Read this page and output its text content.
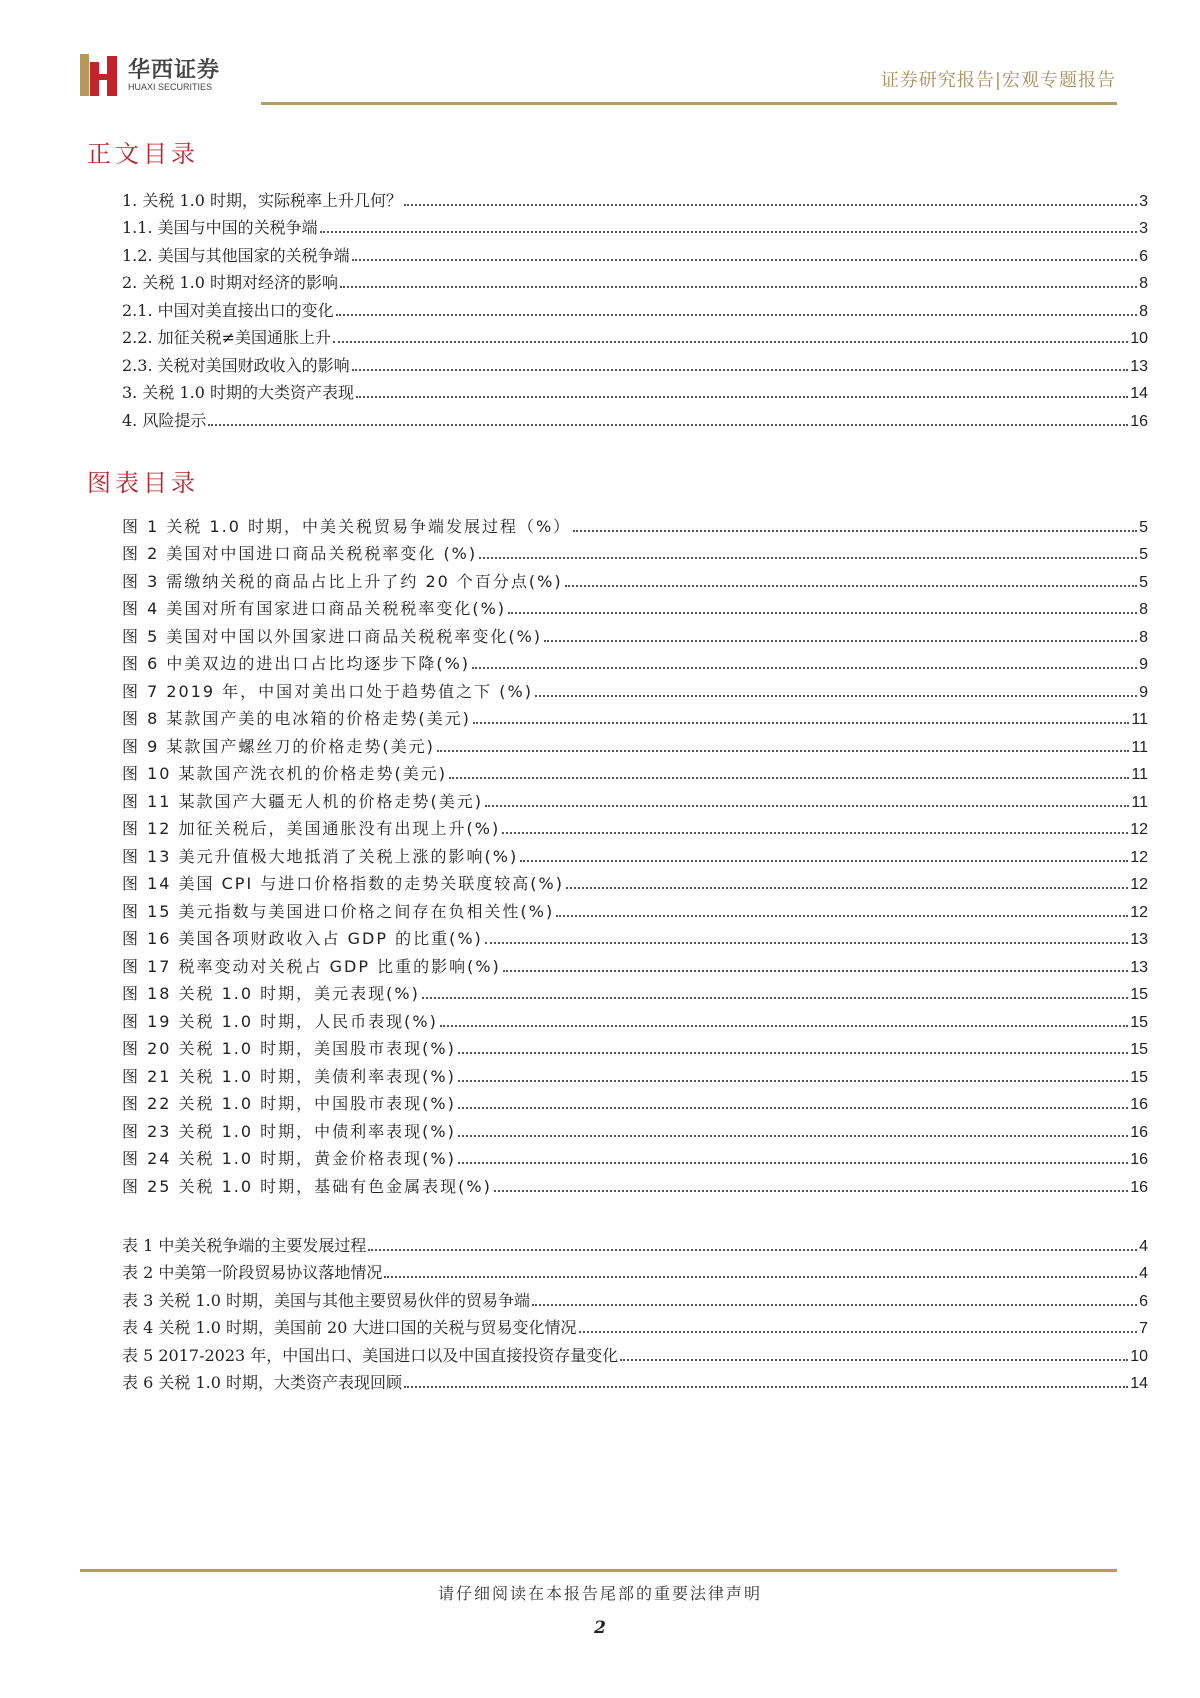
华西证券
HUAXI SECURITIES	证券研究报告|宏观专题报告
正文目录
1. 关税 1.0 时期，实际税率上升几何？	3
1.1. 美国与中国的关税争端	3
1.2. 美国与其他国家的关税争端	6
2. 关税 1.0 时期对经济的影响	8
2.1. 中国对美直接出口的变化	8
2.2. 加征关税≠美国通胀上升	10
2.3. 关税对美国财政收入的影响	13
3. 关税 1.0 时期的大类资产表现	14
4. 风险提示	16
图表目录
图 1 关税 1.0 时期，中美关税贸易争端发展过程（%）	5
图 2 美国对中国进口商品关税税率变化 (%)	5
图 3 需缴纳关税的商品占比上升了约 20 个百分点(%)	5
图 4 美国对所有国家进口商品关税税率变化(%)	8
图 5 美国对中国以外国家进口商品关税税率变化(%)	8
图 6 中美双边的进出口占比均逐步下降(%)	9
图 7 2019 年，中国对美出口处于趋势值之下 (%)	9
图 8 某款国产美的电冰箱的价格走势(美元)	11
图 9 某款国产螺丝刀的价格走势(美元)	11
图 10 某款国产洗衣机的价格走势(美元)	11
图 11 某款国产大疆无人机的价格走势(美元)	11
图 12 加征关税后，美国通胀没有出现上升(%)	12
图 13 美元升值极大地抵消了关税上涨的影响(%)	12
图 14 美国 CPI 与进口价格指数的走势关联度较高(%)	12
图 15 美元指数与美国进口价格之间存在负相关性(%)	12
图 16 美国各项财政收入占 GDP 的比重(%)	13
图 17 税率变动对关税占 GDP 比重的影响(%)	13
图 18 关税 1.0 时期，美元表现(%)	15
图 19 关税 1.0 时期，人民币表现(%)	15
图 20 关税 1.0 时期，美国股市表现(%)	15
图 21 关税 1.0 时期，美债利率表现(%)	15
图 22 关税 1.0 时期，中国股市表现(%)	16
图 23 关税 1.0 时期，中债利率表现(%)	16
图 24 关税 1.0 时期，黄金价格表现(%)	16
图 25 关税 1.0 时期，基础有色金属表现(%)	16
表 1 中美关税争端的主要发展过程	4
表 2 中美第一阶段贸易协议落地情况	4
表 3 关税 1.0 时期，美国与其他主要贸易伙伴的贸易争端	6
表 4 关税 1.0 时期，美国前 20 大进口国的关税与贸易变化情况	7
表 5 2017-2023 年，中国出口、美国进口以及中国直接投资存量变化	10
表 6 关税 1.0 时期，大类资产表现回顾	14
请仔细阅读在本报告尾部的重要法律声明
2
